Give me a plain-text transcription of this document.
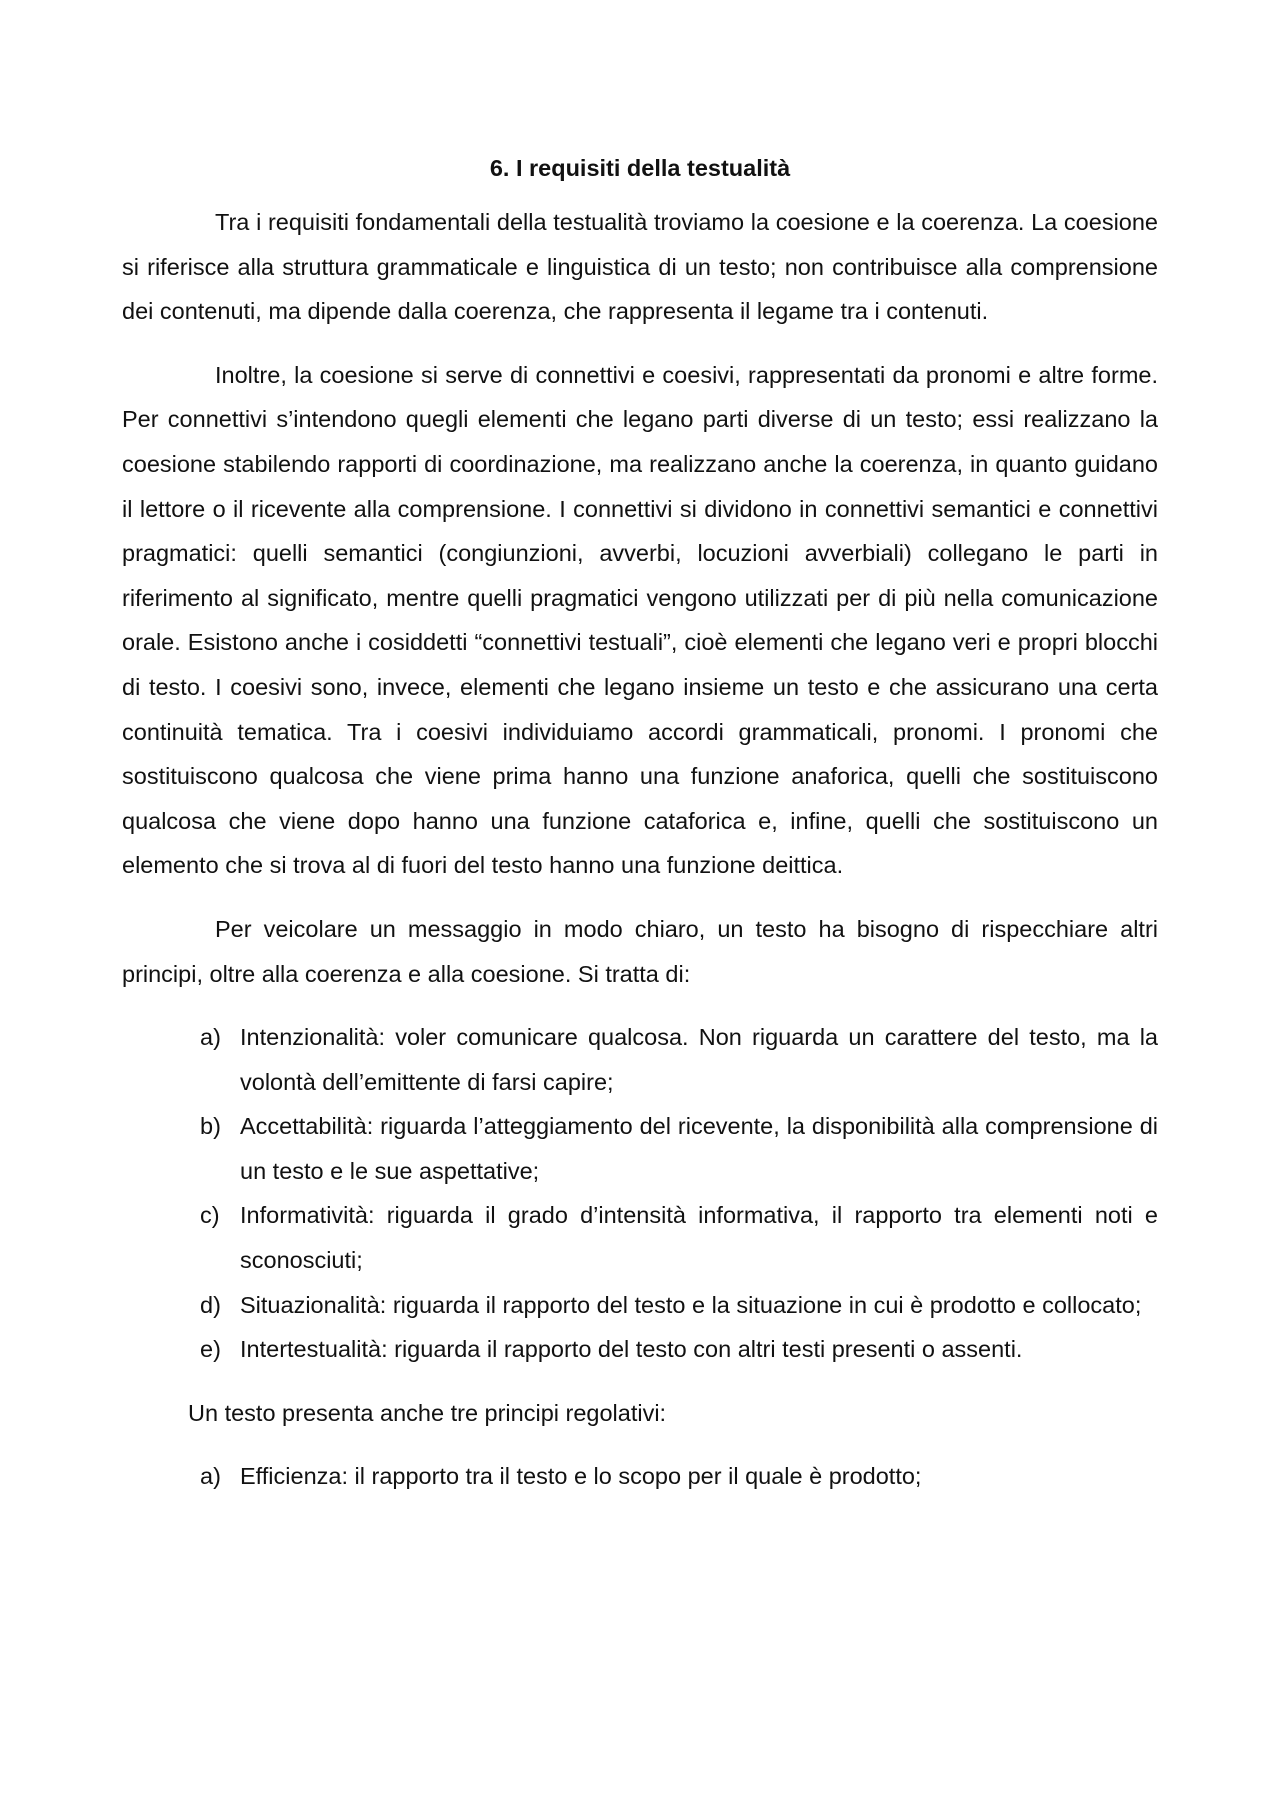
6. I requisiti della testualità

Tra i requisiti fondamentali della testualità troviamo la coesione e la coerenza. La coesione si riferisce alla struttura grammaticale e linguistica di un testo; non contribuisce alla comprensione dei contenuti, ma dipende dalla coerenza, che rappresenta il legame tra i contenuti.

Inoltre, la coesione si serve di connettivi e coesivi, rappresentati da pronomi e altre forme. Per connettivi s’intendono quegli elementi che legano parti diverse di un testo; essi realizzano la coesione stabilendo rapporti di coordinazione, ma realizzano anche la coerenza, in quanto guidano il lettore o il ricevente alla comprensione. I connettivi si dividono in connettivi semantici e connettivi pragmatici: quelli semantici (congiunzioni, avverbi, locuzioni avverbiali) collegano le parti in riferimento al significato, mentre quelli pragmatici vengono utilizzati per di più nella comunicazione orale. Esistono anche i cosiddetti “connettivi testuali”, cioè elementi che legano veri e propri blocchi di testo. I coesivi sono, invece, elementi che legano insieme un testo e che assicurano una certa continuità tematica. Tra i coesivi individuiamo accordi grammaticali, pronomi. I pronomi che sostituiscono qualcosa che viene prima hanno una funzione anaforica, quelli che sostituiscono qualcosa che viene dopo hanno una funzione cataforica e, infine, quelli che sostituiscono un elemento che si trova al di fuori del testo hanno una funzione deittica.

Per veicolare un messaggio in modo chiaro, un testo ha bisogno di rispecchiare altri principi, oltre alla coerenza e alla coesione. Si tratta di:

a) Intenzionalità: voler comunicare qualcosa. Non riguarda un carattere del testo, ma la volontà dell’emittente di farsi capire;
b) Accettabilità: riguarda l’atteggiamento del ricevente, la disponibilità alla comprensione di un testo e le sue aspettative;
c) Informatività: riguarda il grado d’intensità informativa, il rapporto tra elementi noti e sconosciuti;
d) Situazionalità: riguarda il rapporto del testo e la situazione in cui è prodotto e collocato;
e) Intertestualità: riguarda il rapporto del testo con altri testi presenti o assenti.

Un testo presenta anche tre principi regolativi:

a) Efficienza: il rapporto tra il testo e lo scopo per il quale è prodotto;
